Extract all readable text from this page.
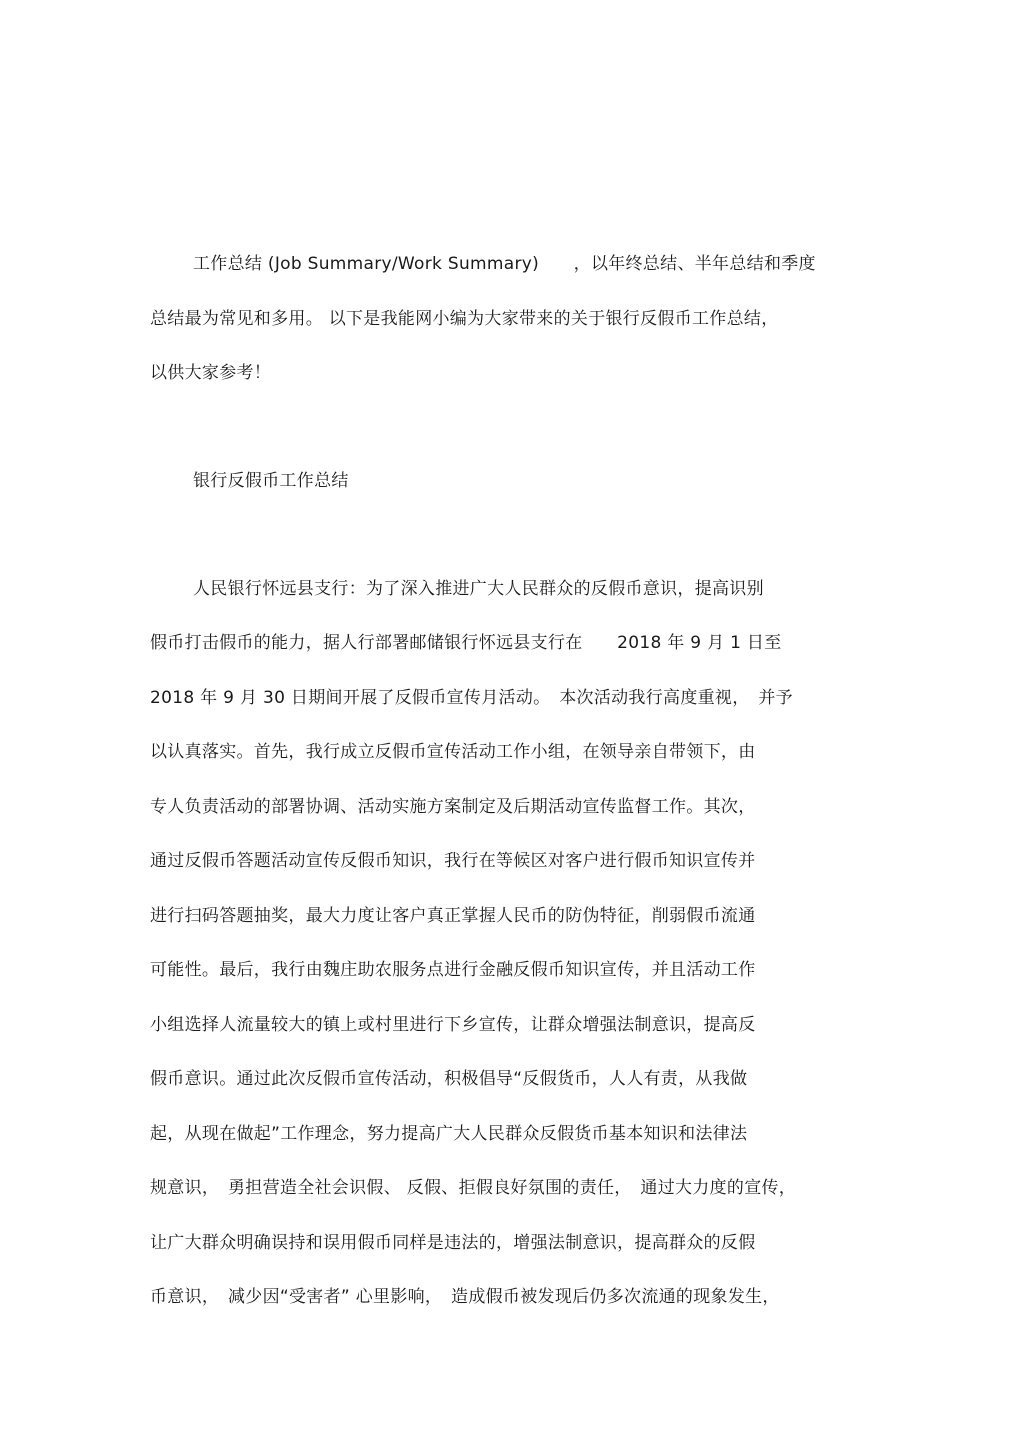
工作总结 (Job Summary/Work Summary)　　，以年终总结、半年总结和季度
总结最为常见和多用。 以下是我能网小编为大家带来的关于银行反假币工作总结，
以供大家参考！
银行反假币工作总结
人民银行怀远县支行：为了深入推进广大人民群众的反假币意识，提高识别
假币打击假币的能力，据人行部署邮储银行怀远县支行在　　2018 年 9 月 1 日至
2018 年 9 月 30 日期间开展了反假币宣传月活动。　本次活动我行高度重视，　并予
以认真落实。首先，我行成立反假币宣传活动工作小组，在领导亲自带领下，由
专人负责活动的部署协调、活动实施方案制定及后期活动宣传监督工作。其次，
通过反假币答题活动宣传反假币知识，我行在等候区对客户进行假币知识宣传并
进行扫码答题抽奖，最大力度让客户真正掌握人民币的防伪特征，削弱假币流通
可能性。最后，我行由魏庄助农服务点进行金融反假币知识宣传，并且活动工作
小组选择人流量较大的镇上或村里进行下乡宣传，让群众增强法制意识，提高反
假币意识。通过此次反假币宣传活动，积极倡导“反假货币，人人有责，从我做
起，从现在做起”工作理念，努力提高广大人民群众反假货币基本知识和法律法
规意识，　勇担营造全社会识假、 反假、拒假良好氛围的责任，　通过大力度的宣传，
让广大群众明确误持和误用假币同样是违法的，增强法制意识，提高群众的反假
币意识，　减少因“受害者” 心里影响，　造成假币被发现后仍多次流通的现象发生，
